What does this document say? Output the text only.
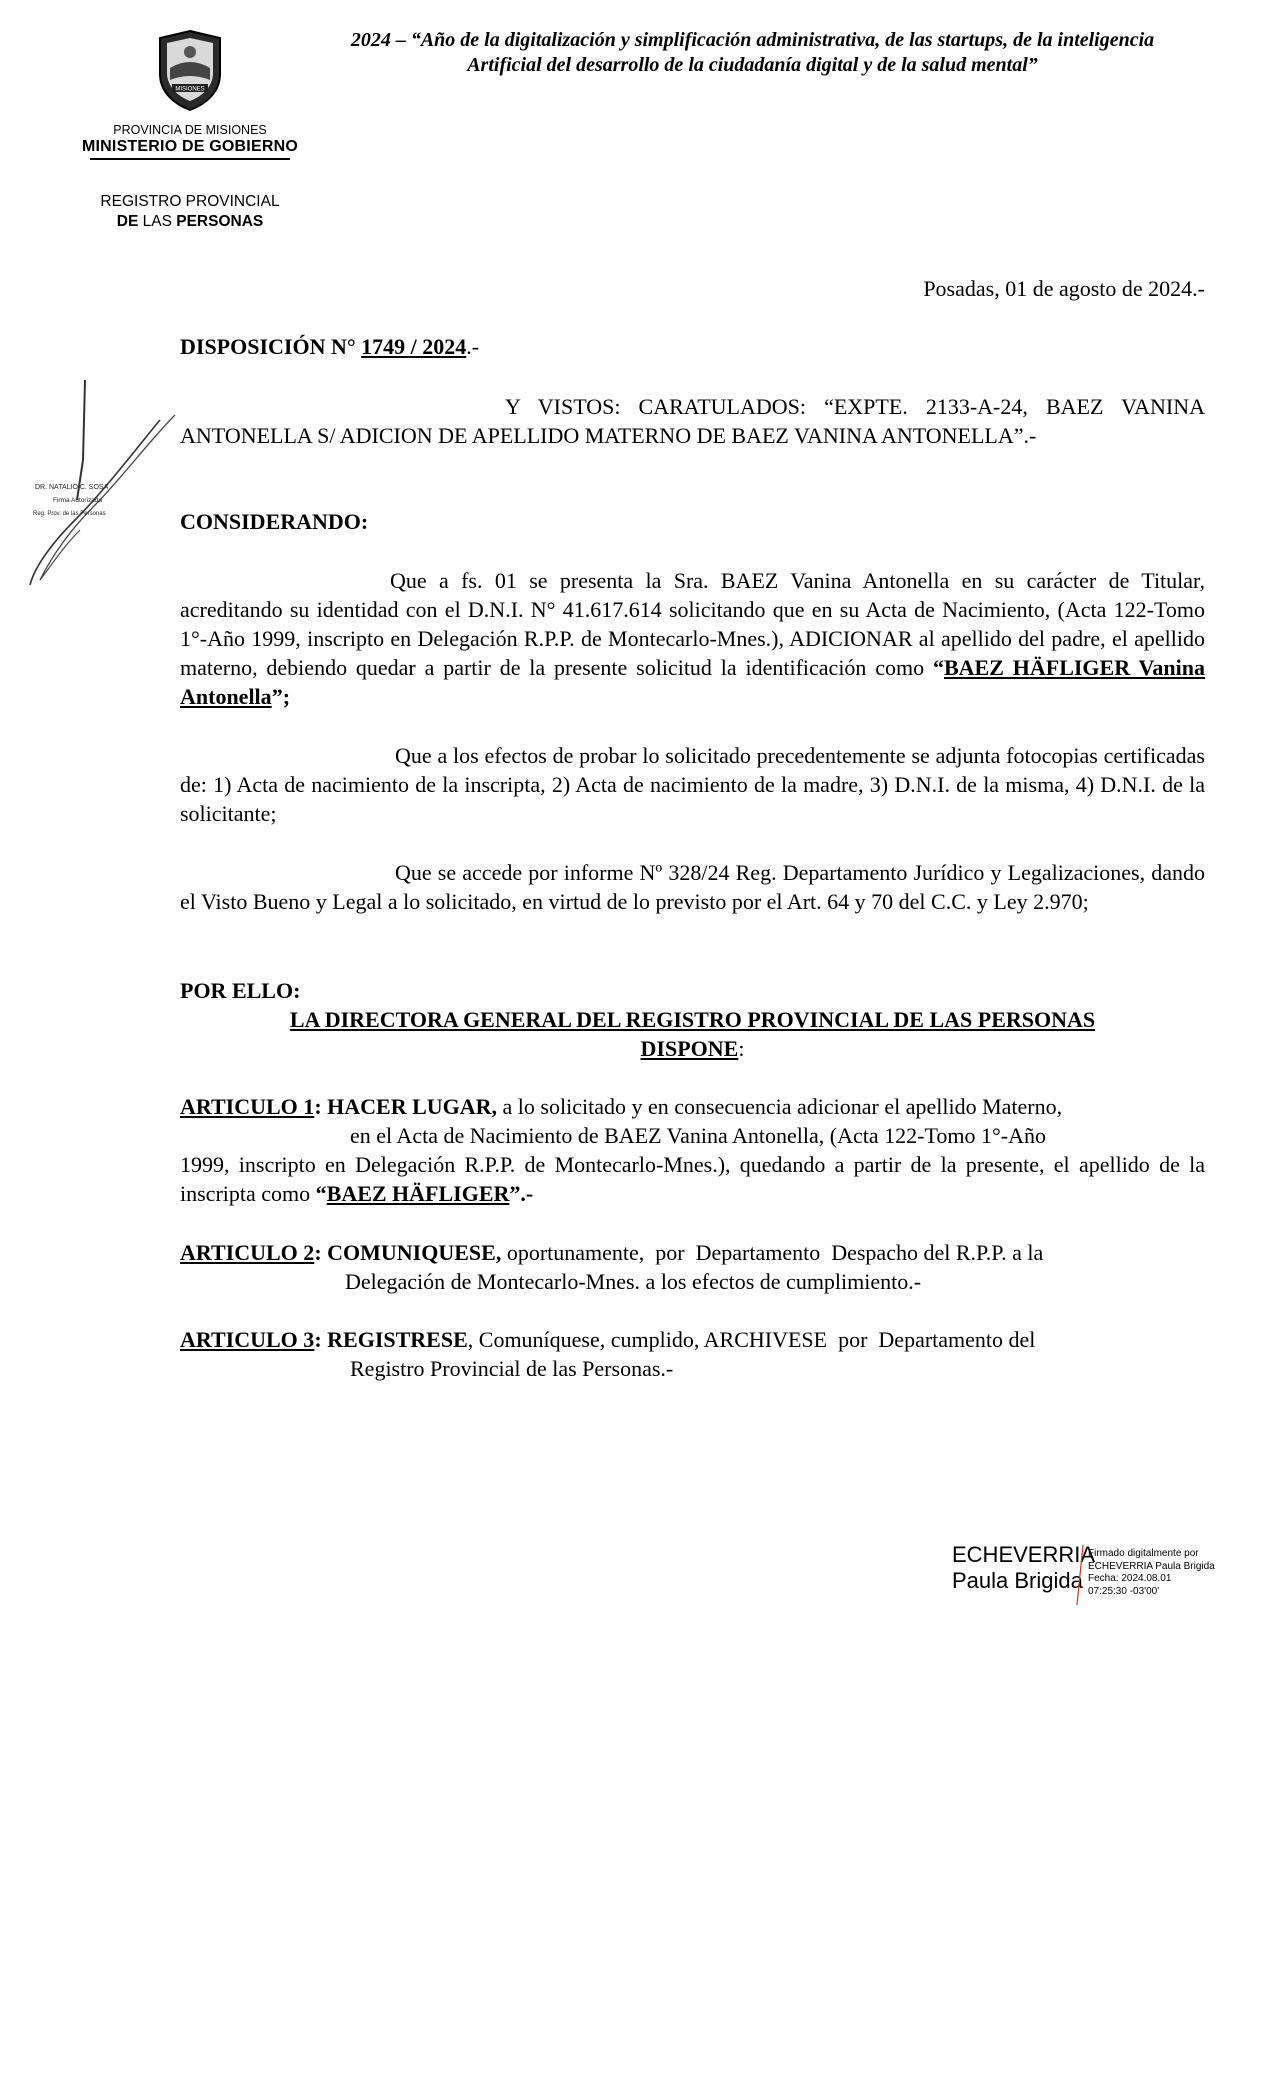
2024 – “Año de la digitalización y simplificación administrativa, de las startups, de la inteligencia
Artificial del desarrollo de la ciudadanía digital y de la salud mental”
MISIONES
PROVINCIA DE MISIONES
MINISTERIO DE GOBIERNO
REGISTRO PROVINCIAL
DE LAS PERSONAS
Posadas, 01 de agosto de 2024.-
DISPOSICIÓN N° 1749 / 2024.-
Y VISTOS: CARATULADOS: “EXPTE. 2133-A-24, BAEZ VANINA ANTONELLA S/ ADICION DE APELLIDO MATERNO DE BAEZ VANINA ANTONELLA”.-
CONSIDERANDO:
Que a fs. 01 se presenta la Sra. BAEZ Vanina Antonella en su carácter de Titular, acreditando su identidad con el D.N.I. N° 41.617.614 solicitando que en su Acta de Nacimiento, (Acta 122-Tomo 1°-Año 1999, inscripto en Delegación R.P.P. de Montecarlo-Mnes.), ADICIONAR al apellido del padre, el apellido materno, debiendo quedar a partir de la presente solicitud la identificación como “BAEZ HÄFLIGER Vanina Antonella”;
Que a los efectos de probar lo solicitado precedentemente se adjunta fotocopias certificadas de: 1) Acta de nacimiento de la inscripta, 2) Acta de nacimiento de la madre, 3) D.N.I. de la misma, 4) D.N.I. de la solicitante;
Que se accede por informe Nº 328/24 Reg. Departamento Jurídico y Legalizaciones, dando el Visto Bueno y Legal a lo solicitado, en virtud de lo previsto por el Art. 64 y 70 del C.C. y Ley 2.970;
POR ELLO:
LA DIRECTORA GENERAL DEL REGISTRO PROVINCIAL DE LAS PERSONAS
DISPONE:
ARTICULO 1: HACER LUGAR, a lo solicitado y en consecuencia adicionar el apellido Materno,
en el Acta de Nacimiento de BAEZ Vanina Antonella, (Acta 122-Tomo 1°-Año
1999, inscripto en Delegación R.P.P. de Montecarlo-Mnes.), quedando a partir de la presente, el apellido de la inscripta como “BAEZ HÄFLIGER”.-
ARTICULO 2: COMUNIQUESE, oportunamente,  por  Departamento  Despacho del R.P.P. a la
Delegación de Montecarlo-Mnes. a los efectos de cumplimiento.-
ARTICULO 3: REGISTRESE, Comuníquese, cumplido, ARCHIVESE  por  Departamento del
Registro Provincial de las Personas.-
DR. NATALIO C. SOSA
Firma Autorizada
Reg. Prov. de las Personas
ECHEVERRIA
Paula Brigida
Firmado digitalmente por
ECHEVERRIA Paula Brigida
Fecha: 2024.08.01
07:25:30 -03'00'
